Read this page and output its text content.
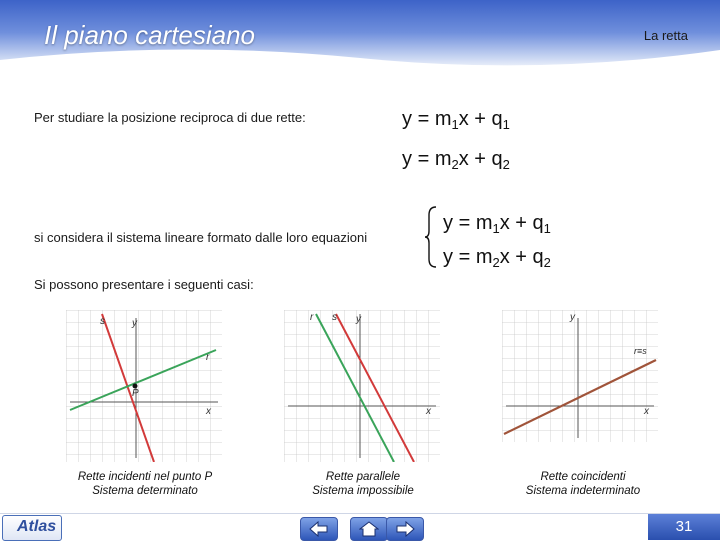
Il piano cartesiano	La retta
Per studiare la posizione reciproca di due rette:	$y = m_1x + q_1$
$y = m_2x + q_2$
si considera il sistema lineare formato dalle loro equazioni
$y = m_1x + q_1$
$y = m_2x + q_2$
Si possono presentare i seguenti casi:
s	y
r
P
x
Rette incidenti nel punto P
Sistema determinato
r s y
x
Rette parallele
Sistema impossibile
y
r≡s
x
Rette coincidenti
Sistema indeterminato
Atlas	31
